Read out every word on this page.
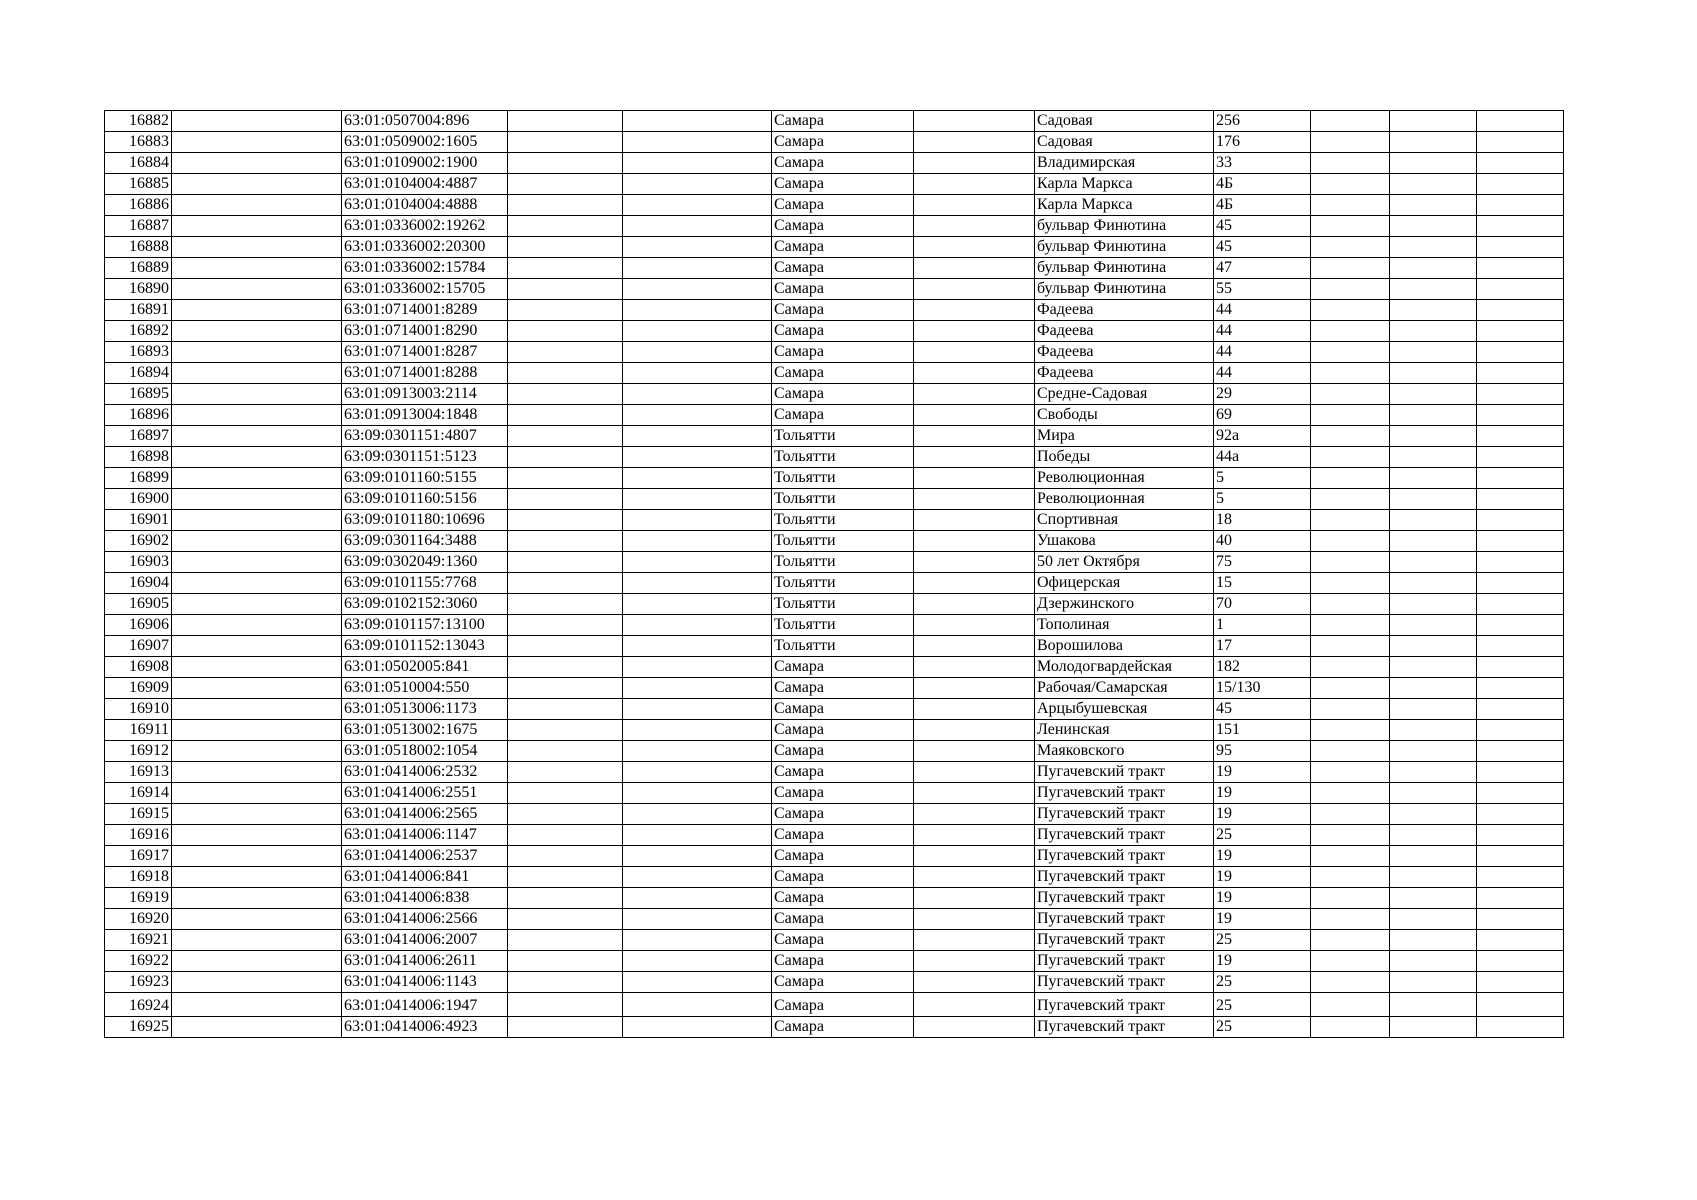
16882		63:01:0507004:896			Самара		Садовая	256			
16883		63:01:0509002:1605			Самара		Садовая	176			
16884		63:01:0109002:1900			Самара		Владимирская	33			
16885		63:01:0104004:4887			Самара		Карла Маркса	4Б			
16886		63:01:0104004:4888			Самара		Карла Маркса	4Б			
16887		63:01:0336002:19262			Самара		бульвар Финютина	45			
16888		63:01:0336002:20300			Самара		бульвар Финютина	45			
16889		63:01:0336002:15784			Самара		бульвар Финютина	47			
16890		63:01:0336002:15705			Самара		бульвар Финютина	55			
16891		63:01:0714001:8289			Самара		Фадеева	44			
16892		63:01:0714001:8290			Самара		Фадеева	44			
16893		63:01:0714001:8287			Самара		Фадеева	44			
16894		63:01:0714001:8288			Самара		Фадеева	44			
16895		63:01:0913003:2114			Самара		Средне-Садовая	29			
16896		63:01:0913004:1848			Самара		Свободы	69			
16897		63:09:0301151:4807			Тольятти		Мира	92а			
16898		63:09:0301151:5123			Тольятти		Победы	44а			
16899		63:09:0101160:5155			Тольятти		Революционная	5			
16900		63:09:0101160:5156			Тольятти		Революционная	5			
16901		63:09:0101180:10696			Тольятти		Спортивная	18			
16902		63:09:0301164:3488			Тольятти		Ушакова	40			
16903		63:09:0302049:1360			Тольятти		50 лет Октября	75			
16904		63:09:0101155:7768			Тольятти		Офицерская	15			
16905		63:09:0102152:3060			Тольятти		Дзержинского	70			
16906		63:09:0101157:13100			Тольятти		Тополиная	1			
16907		63:09:0101152:13043			Тольятти		Ворошилова	17			
16908		63:01:0502005:841			Самара		Молодогвардейская	182			
16909		63:01:0510004:550			Самара		Рабочая/Самарская	15/130			
16910		63:01:0513006:1173			Самара		Арцыбушевская	45			
16911		63:01:0513002:1675			Самара		Ленинская	151			
16912		63:01:0518002:1054			Самара		Маяковского	95			
16913		63:01:0414006:2532			Самара		Пугачевский тракт	19			
16914		63:01:0414006:2551			Самара		Пугачевский тракт	19			
16915		63:01:0414006:2565			Самара		Пугачевский тракт	19			
16916		63:01:0414006:1147			Самара		Пугачевский тракт	25			
16917		63:01:0414006:2537			Самара		Пугачевский тракт	19			
16918		63:01:0414006:841			Самара		Пугачевский тракт	19			
16919		63:01:0414006:838			Самара		Пугачевский тракт	19			
16920		63:01:0414006:2566			Самара		Пугачевский тракт	19			
16921		63:01:0414006:2007			Самара		Пугачевский тракт	25			
16922		63:01:0414006:2611			Самара		Пугачевский тракт	19			
16923		63:01:0414006:1143			Самара		Пугачевский тракт	25			
16924		63:01:0414006:1947			Самара		Пугачевский тракт	25			
16925		63:01:0414006:4923			Самара		Пугачевский тракт	25			
